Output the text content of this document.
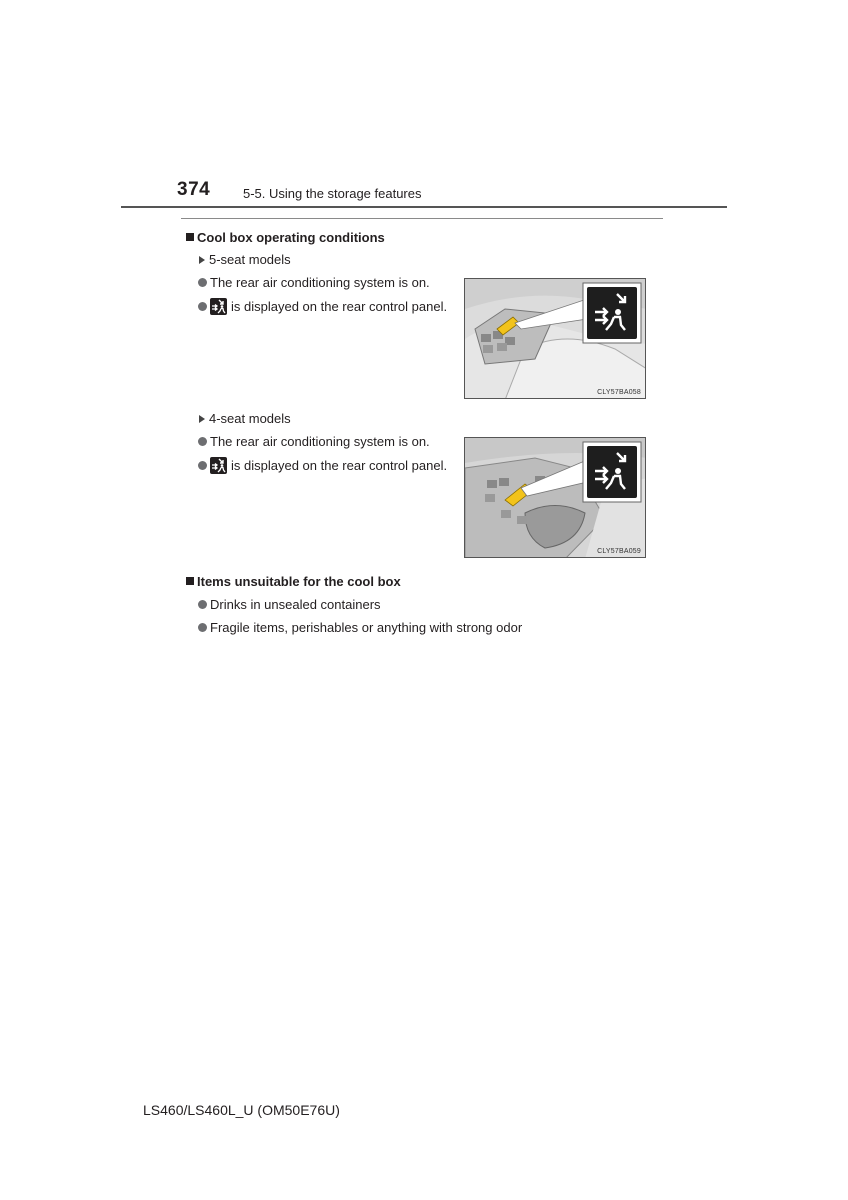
374	5-5. Using the storage features
Cool box operating conditions
5-seat models
The rear air conditioning system is on.
is displayed on the rear control panel.
CLY57BA058
4-seat models
The rear air conditioning system is on.
is displayed on the rear control panel.
CLY57BA059
Items unsuitable for the cool box
Drinks in unsealed containers
Fragile items, perishables or anything with strong odor
LS460/LS460L_U (OM50E76U)
